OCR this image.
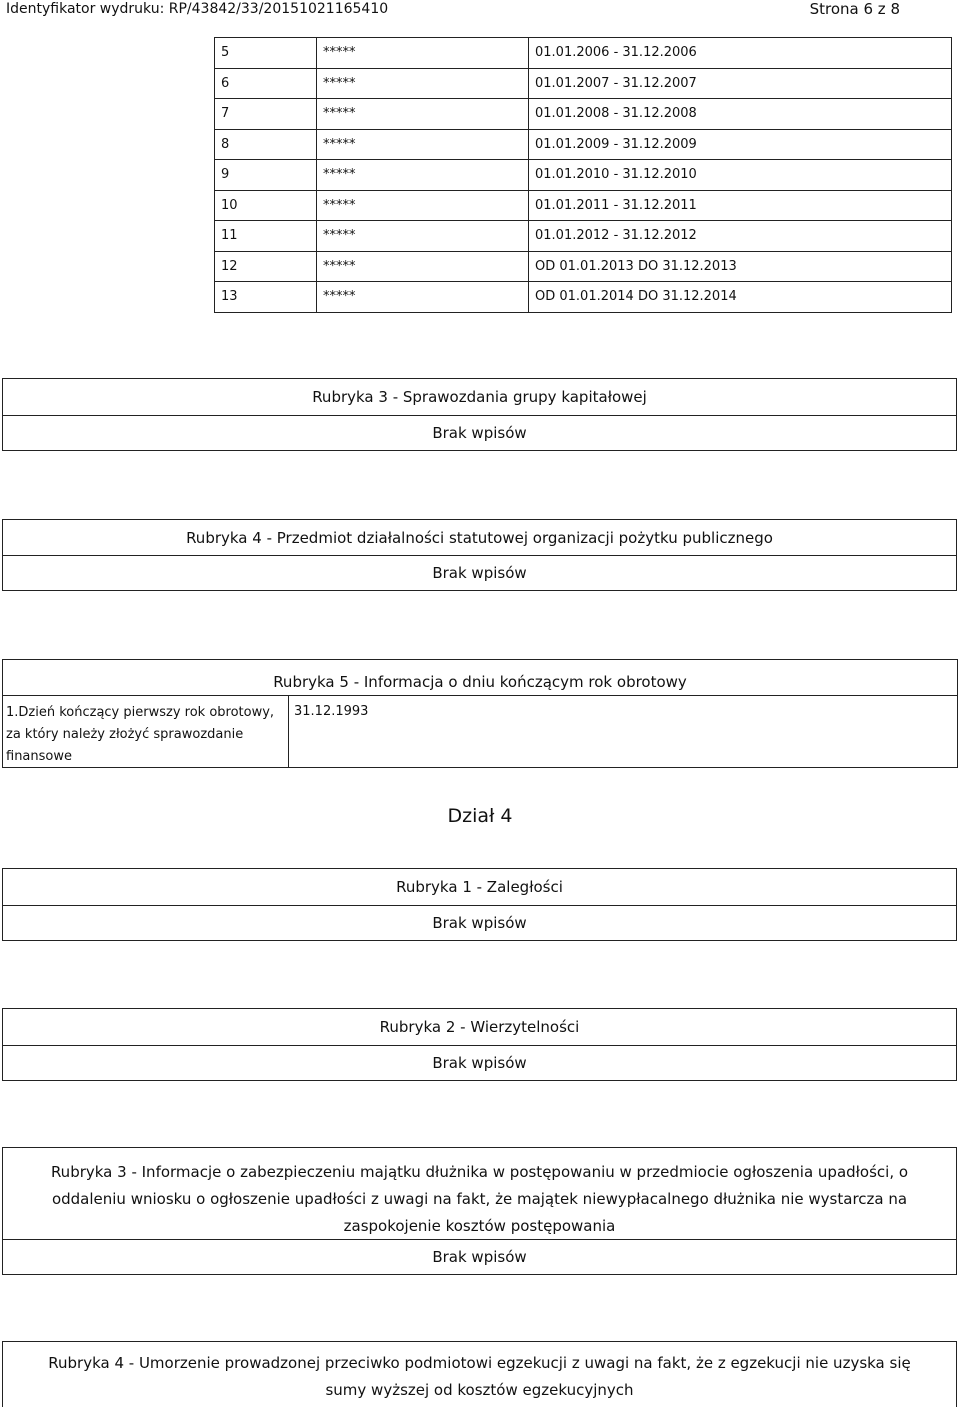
Identyfikator wydruku: RP/43842/33/20151021165410	Strona 6 z 8
5	*****	01.01.2006 - 31.12.2006
6	*****	01.01.2007 - 31.12.2007
7	*****	01.01.2008 - 31.12.2008
8	*****	01.01.2009 - 31.12.2009
9	*****	01.01.2010 - 31.12.2010
10	*****	01.01.2011 - 31.12.2011
11	*****	01.01.2012 - 31.12.2012
12	*****	OD 01.01.2013 DO 31.12.2013
13	*****	OD 01.01.2014 DO 31.12.2014
Rubryka 3 - Sprawozdania grupy kapitałowej
Brak wpisów
Rubryka 4 - Przedmiot działalności statutowej organizacji pożytku publicznego
Brak wpisów
Rubryka 5 - Informacja o dniu kończącym rok obrotowy
1.Dzień kończący pierwszy rok obrotowy,
za który należy złożyć sprawozdanie
finansowe
31.12.1993
Dział 4
Rubryka 1 - Zaległości
Brak wpisów
Rubryka 2 - Wierzytelności
Brak wpisów
Rubryka 3 - Informacje o zabezpieczeniu majątku dłużnika w postępowaniu w przedmiocie ogłoszenia upadłości, o
oddaleniu wniosku o ogłoszenie upadłości z uwagi na fakt, że majątek niewypłacalnego dłużnika nie wystarcza na
zaspokojenie kosztów postępowania
Brak wpisów
Rubryka 4 - Umorzenie prowadzonej przeciwko podmiotowi egzekucji z uwagi na fakt, że z egzekucji nie uzyska się
sumy wyższej od kosztów egzekucyjnych
